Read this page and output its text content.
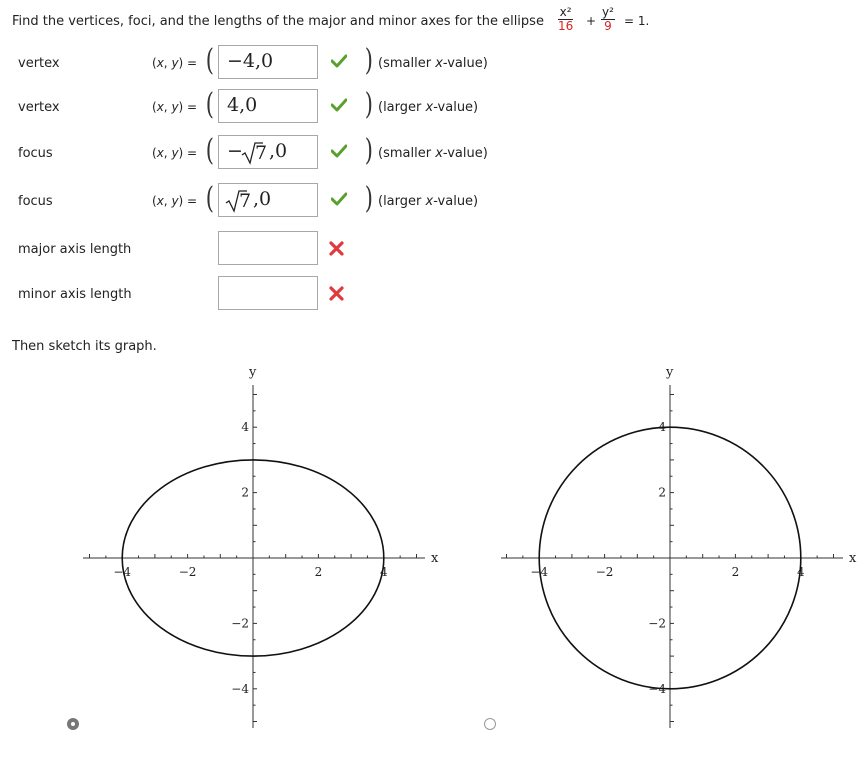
Find the vertices, foci, and the lengths of the major and minor axes for the ellipse $\frac{\text{x²}}{16} + \frac{\text{y²}}{9} = 1$.
vertex	(x, y) = ( −4,0	) (smaller x-value)
vertex	(x, y) = ( 4,0	) (larger x-value)
focus	(x, y) = ( − 7 ,0	) (smaller x-value)
focus	(x, y) = ( 7 ,0	) (larger x-value)
major axis length
minor axis length
Then sketch its graph.
x
y
−4	−2	2	4
4
2
−2
−4
x
y
−4	−2	2	4
4
2
−2
−4
